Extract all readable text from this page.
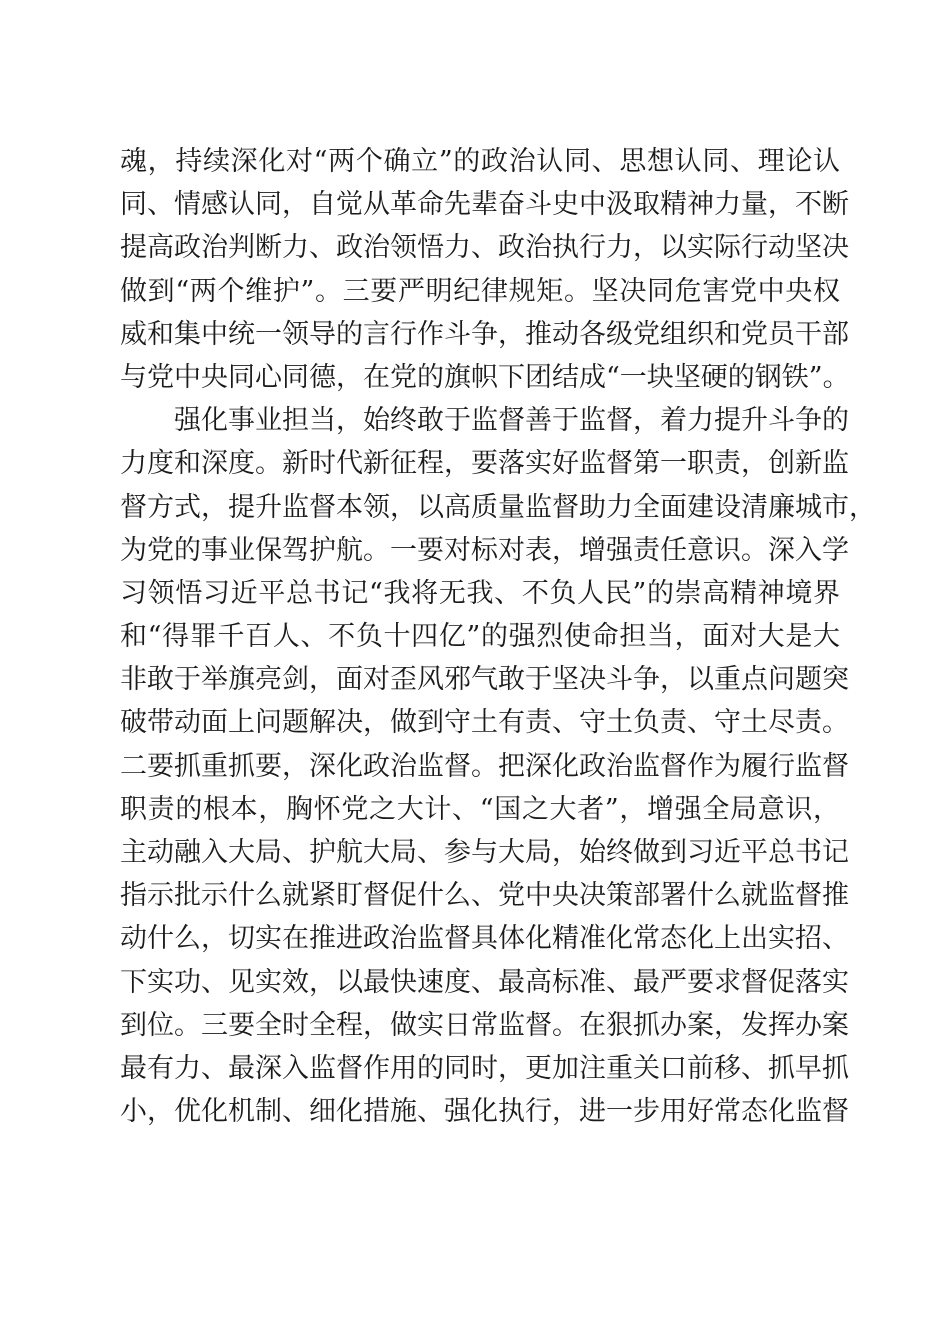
魂，持续深化对“两个确立”的政治认同、思想认同、理论认
同、情感认同，自觉从革命先辈奋斗史中汲取精神力量，不断
提高政治判断力、政治领悟力、政治执行力，以实际行动坚决
做到“两个维护”。三要严明纪律规矩。坚决同危害党中央权
威和集中统一领导的言行作斗争，推动各级党组织和党员干部
与党中央同心同德，在党的旗帜下团结成“一块坚硬的钢铁”。
强化事业担当，始终敢于监督善于监督，着力提升斗争的
力度和深度。新时代新征程，要落实好监督第一职责，创新监
督方式，提升监督本领，以高质量监督助力全面建设清廉城市，
为党的事业保驾护航。一要对标对表，增强责任意识。深入学
习领悟习近平总书记“我将无我、不负人民”的崇高精神境界
和“得罪千百人、不负十四亿”的强烈使命担当，面对大是大
非敢于举旗亮剑，面对歪风邪气敢于坚决斗争，以重点问题突
破带动面上问题解决，做到守土有责、守土负责、守土尽责。
二要抓重抓要，深化政治监督。把深化政治监督作为履行监督
职责的根本，胸怀党之大计、“国之大者”，增强全局意识，
主动融入大局、护航大局、参与大局，始终做到习近平总书记
指示批示什么就紧盯督促什么、党中央决策部署什么就监督推
动什么，切实在推进政治监督具体化精准化常态化上出实招、
下实功、见实效，以最快速度、最高标准、最严要求督促落实
到位。三要全时全程，做实日常监督。在狠抓办案，发挥办案
最有力、最深入监督作用的同时，更加注重关口前移、抓早抓
小，优化机制、细化措施、强化执行，进一步用好常态化监督
